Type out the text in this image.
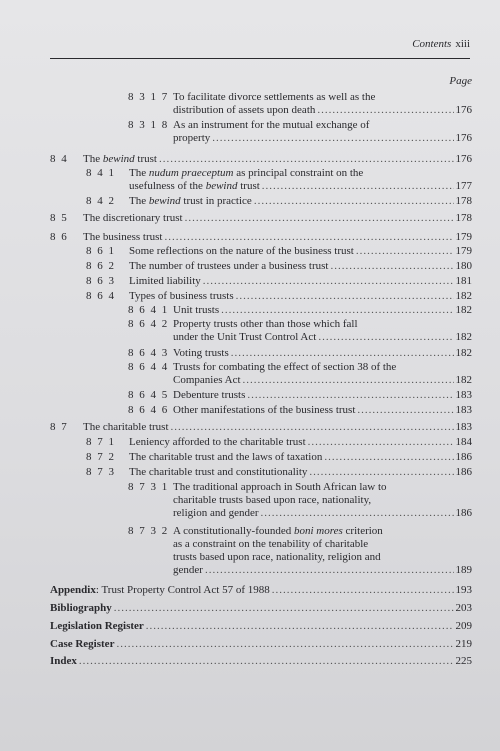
Contents xiii
Page
8 3 1 7 To facilitate divorce settlements as well as the
distribution of assets upon death .....	176
8 3 1 8 As an instrument for the mutual exchange of
property .....	176
8 4 The bewind trust .....	176
8 4 1 The nudum praeceptum as principal constraint on the
usefulness of the bewind trust .....	177
8 4 2 The bewind trust in practice .....	178
8 5 The discretionary trust .....	178
8 6 The business trust .....	179
8 6 1 Some reflections on the nature of the business trust .....	179
8 6 2 The number of trustees under a business trust .....	180
8 6 3 Limited liability .....	181
8 6 4 Types of business trusts .....	182
8 6 4 1 Unit trusts .....	182
8 6 4 2 Property trusts other than those which fall
under the Unit Trust Control Act .....	182
8 6 4 3 Voting trusts .....	182
8 6 4 4 Trusts for combating the effect of section 38 of the
Companies Act .....	182
8 6 4 5 Debenture trusts .....	183
8 6 4 6 Other manifestations of the business trust .....	183
8 7 The charitable trust .....	183
8 7 1 Leniency afforded to the charitable trust .....	184
8 7 2 The charitable trust and the laws of taxation .....	186
8 7 3 The charitable trust and constitutionality .....	186
8 7 3 1 The traditional approach in South African law to
charitable trusts based upon race, nationality,
religion and gender .....	186
8 7 3 2 A constitutionally-founded boni mores criterion
as a constraint on the tenability of charitable
trusts based upon race, nationality, religion and
gender .....	189
Appendix: Trust Property Control Act 57 of 1988 .....	193
Bibliography .....	203
Legislation Register .....	209
Case Register .....	219
Index .....	225
